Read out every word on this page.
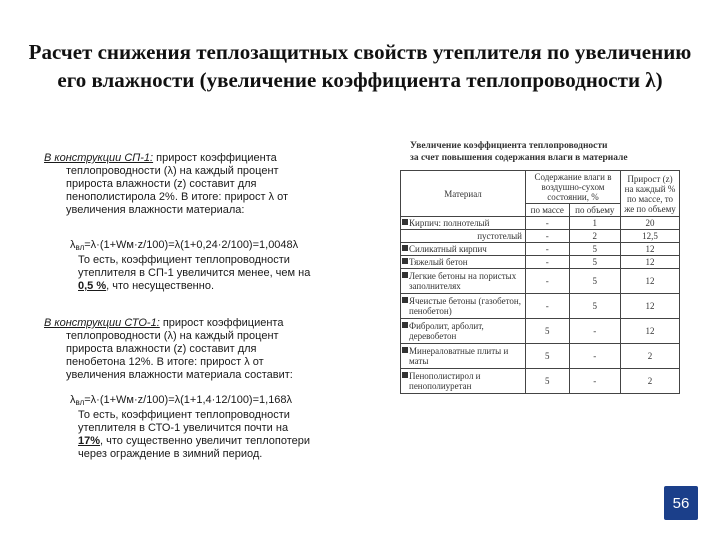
Расчет снижения теплозащитных свойств утеплителя по увеличению его влажности (увеличение коэффициента теплопроводности λ)

В конструкции СП-1: прирост коэффициента

теплопроводности (λ) на каждый процент
прироста влажности (z) составит для
пенополистирола 2%. В итоге: прирост λ от
увеличения влажности материала:
$\lambda_{вл}=\lambda\cdot(1+Wм\cdot z/100)=\lambda(1+0,24\cdot 2/100)=1,0048\lambda$
То есть, коэффициент теплопроводности
утеплителя в СП-1 увеличится менее, чем на
0,5 %, что несущественно.

В конструкции СТО-1: прирост коэффициента

теплопроводности (λ) на каждый процент
прироста влажности (z) составит для
пенобетона 12%. В итоге: прирост λ от
увеличения влажности материала составит:
$\lambda_{вл}=\lambda\cdot(1+Wм\cdot z/100)=\lambda(1+1,4\cdot 12/100)=1,168\lambda$
То есть, коэффициент теплопроводности
утеплителя в СТО-1 увеличится почти на
17%, что существенно увеличит теплопотери
через ограждение в зимний период.
Увеличение коэффициента теплопроводности
за счет повышения содержания влаги в материале
Материал	Содержание влаги в воздушно-сухом состоянии, %		Прирост (z) на каждый % по массе, то же по объему
	по массе	по объему	
Кирпич: полнотелый	-	1	20
пустотелый	-	2	12,5
Силикатный кирпич	-	5	12
Тяжелый бетон	-	5	12
Легкие бетоны на пористых заполнителях	-	5	12
Ячеистые бетоны (газобетон, пенобетон)	-	5	12
Фибролит, арболит, деревобетон	5	-	12
Минераловатные плиты и маты	5	-	2
Пенополистирол и пенополиуретан	5	-	2
56
